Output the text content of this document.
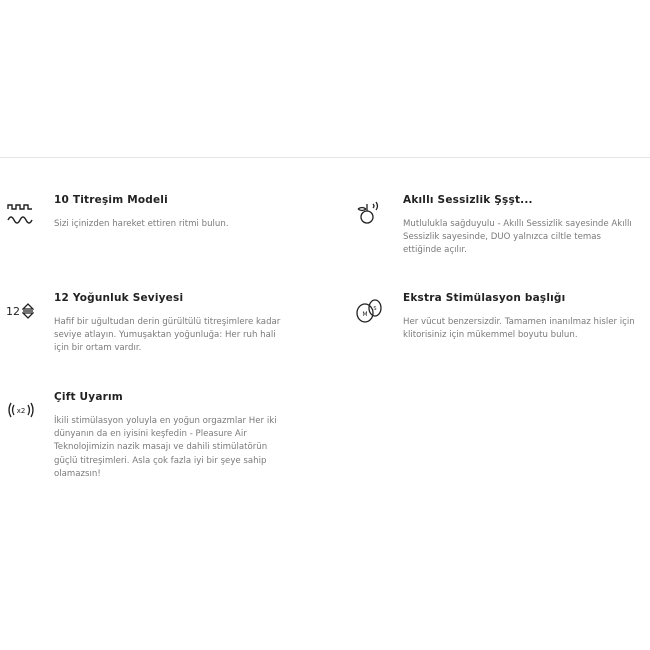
10 Titreşim Modeli
Sizi içinizden hareket ettiren ritmi bulun.
12
12 Yoğunluk Seviyesi
Hafif bir uğultudan derin gürültülü titreşimlere kadar seviye atlayın. Yumuşaktan yoğunluğa: Her ruh hali için bir ortam vardır.
x2
Çift Uyarım
İkili stimülasyon yoluyla en yoğun orgazmlar Her iki dünyanın da en iyisini keşfedin - Pleasure Air Teknolojimizin nazik masajı ve dahili stimülatörün güçlü titreşimleri. Asla çok fazla iyi bir şeye sahip olamazsın!
Akıllı Sessizlik Şşşt...
Mutlulukla sağduyulu - Akıllı Sessizlik sayesinde Akıllı Sessizlik sayesinde, DUO yalnızca ciltle temas ettiğinde açılır.
M
S
Ekstra Stimülasyon başlığı
Her vücut benzersizdir. Tamamen inanılmaz hisler için klitorisiniz için mükemmel boyutu bulun.
